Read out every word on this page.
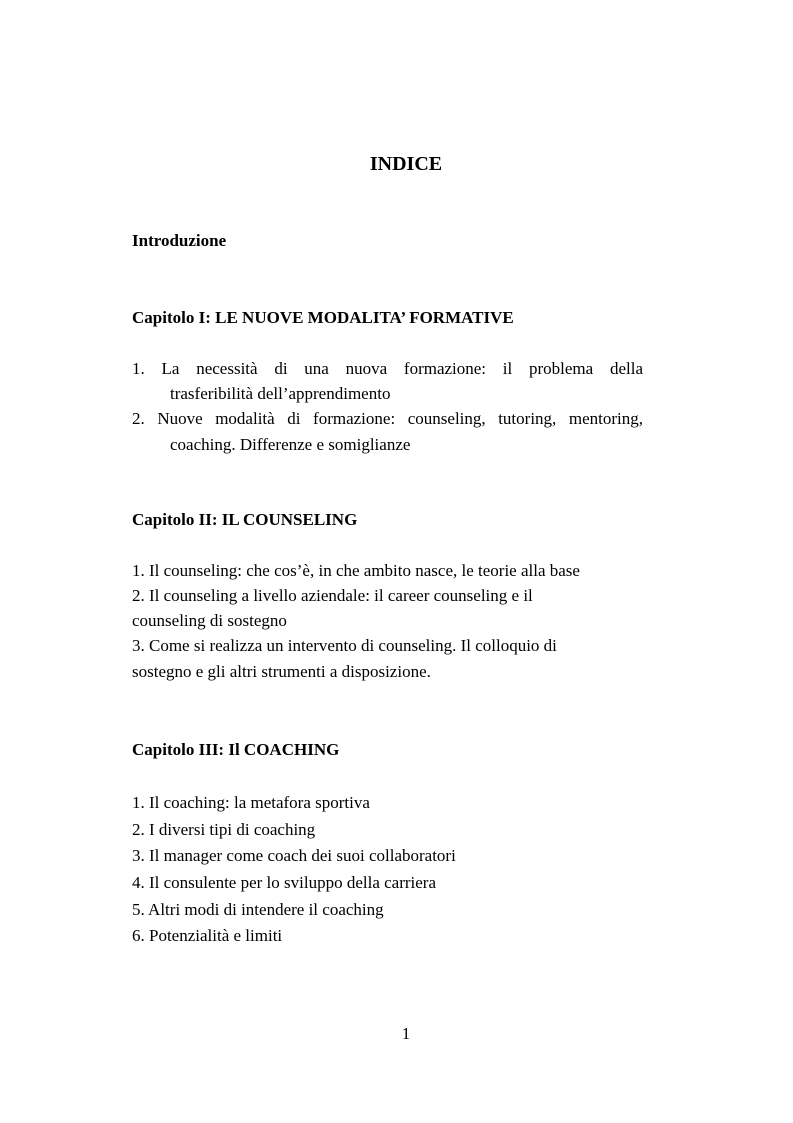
INDICE
Introduzione
Capitolo I: LE NUOVE MODALITA’ FORMATIVE
1. La necessità di una nuova formazione: il problema della
trasferibilità dell’apprendimento
2. Nuove modalità di formazione: counseling, tutoring, mentoring,
coaching. Differenze e somiglianze
Capitolo II: IL COUNSELING
1. Il counseling: che cos’è, in che ambito nasce, le teorie alla base
2. Il counseling a livello aziendale: il career counseling e il
counseling di sostegno
3. Come si realizza un intervento di counseling. Il colloquio di
sostegno e gli altri strumenti a disposizione.
Capitolo III: Il COACHING
1. Il coaching: la metafora sportiva
2. I diversi tipi di coaching
3. Il manager come coach dei suoi collaboratori
4. Il consulente per lo sviluppo della carriera
5. Altri modi di intendere il coaching
6. Potenzialità e limiti
1
